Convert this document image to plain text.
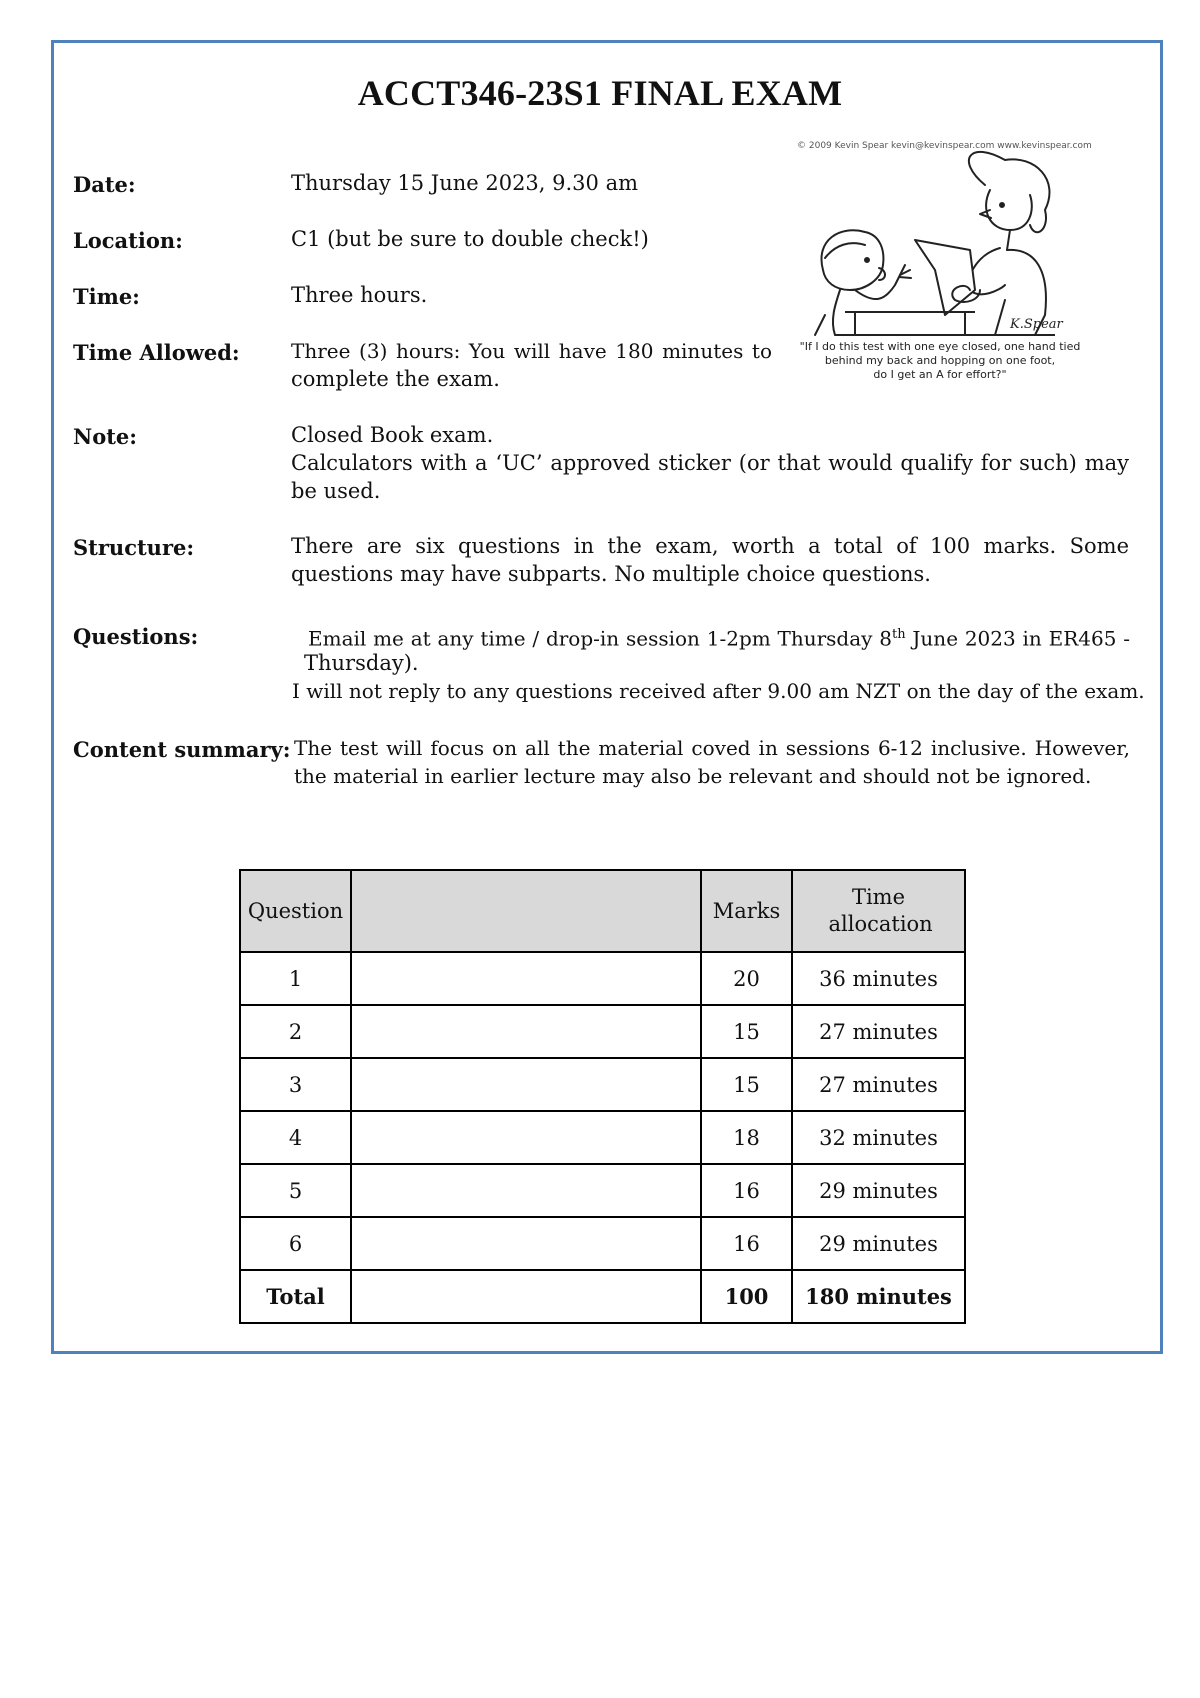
ACCT346-23S1 FINAL EXAM
Date:	Thursday 15 June 2023, 9.30 am
Location:	C1 (but be sure to double check!)
Time:	Three hours.
Time Allowed:	Three (3) hours: You will have 180 minutes to
complete the exam.
© 2009 Kevin Spear kevin@kevinspear.com www.kevinspear.com
K.Spear
"If I do this test with one eye closed, one hand tied
behind my back and hopping on one foot,
do I get an A for effort?"
Note:	Closed Book exam.
Calculators with a ‘UC’ approved sticker (or that would qualify for such) may be used.
Structure:	There are six questions in the exam, worth a total of 100 marks. Some questions may have subparts. No multiple choice questions.
Questions:	Email me at any time / drop-in session 1-2pm Thursday 8th June 2023 in ER465 -
Thursday).
I will not reply to any questions received after 9.00 am NZT on the day of the exam.
Content summary: The test will focus on all the material coved in sessions 6-12 inclusive. However, the material in earlier lecture may also be relevant and should not be ignored.
Question		Marks	Time allocation

1		20	36 minutes
2		15	27 minutes
3		15	27 minutes
4		18	32 minutes
5		16	29 minutes
6		16	29 minutes
Total		100	180 minutes
